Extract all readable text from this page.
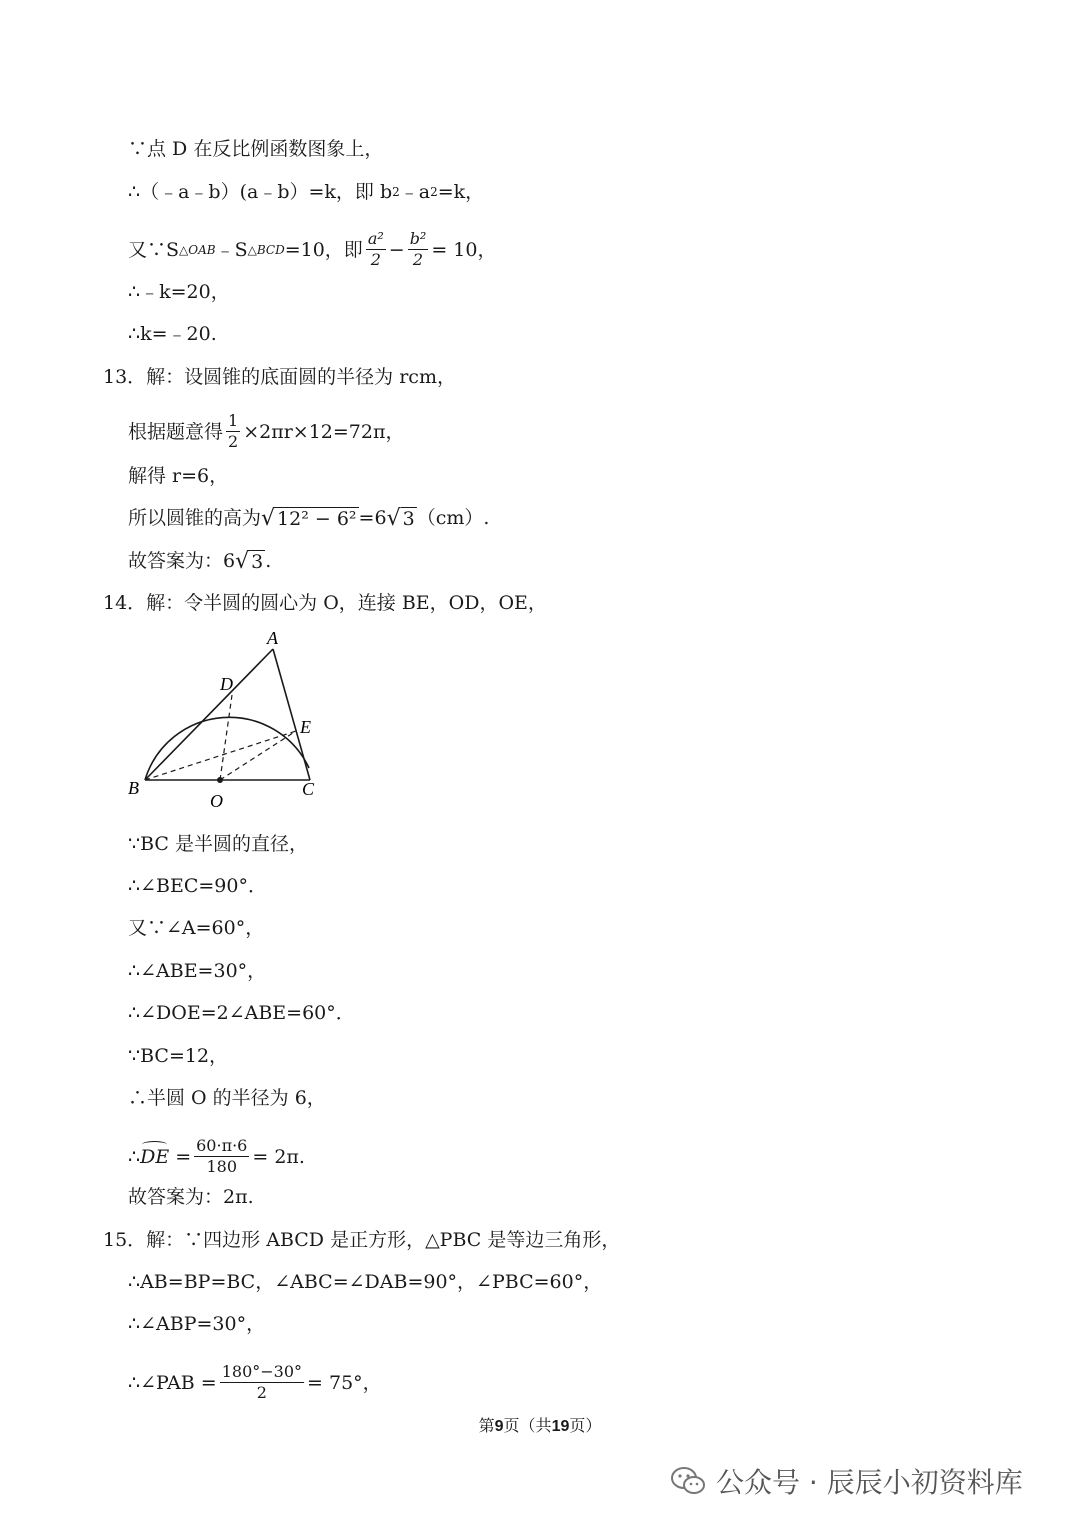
∵点 D 在反比例函数图象上，
∴（﹣a﹣b）(a﹣b）=k，即 b 2 ﹣a 2 =k，
又∵S △OAB ﹣S △BCD =10，即 $\frac{\text{a²}}{2} - \frac{\text{b²}}{2} = 10$，
∴﹣k=20，
∴k=﹣20.
13．解：设圆锥的底面圆的半径为 rcm，
根据题意得 $\frac{1}{2} \times 2\pi r\times 12=72\pi$，
解得 r=6，
所以圆锥的高为 √ 12² − 6² =6 √ 3 （cm）.
故答案为：6 √ 3 .
14．解：令半圆的圆心为 O，连接 BE，OD，OE，
A
D
E
B	C
O
∵BC 是半圆的直径，
∴∠BEC=90°．
又∵∠A=60°，
∴∠ABE=30°，
∴∠DOE=2∠ABE=60°．
∵BC=12，
∴半圆 O 的半径为 6，
∴ DE = $\frac{60\cdot\pi\cdot 6}{180} = 2\pi$.
故答案为：2π.
15．解：∵四边形 ABCD 是正方形，△PBC 是等边三角形，
∴AB=BP=BC，∠ABC=∠DAB=90°，∠PBC=60°，
∴∠ABP=30°，
∴∠PAB = $\frac{180^\circ-30^\circ}{2} = 75^\circ$，
第9页（共19页）
公众号 · 辰辰小初资料库
